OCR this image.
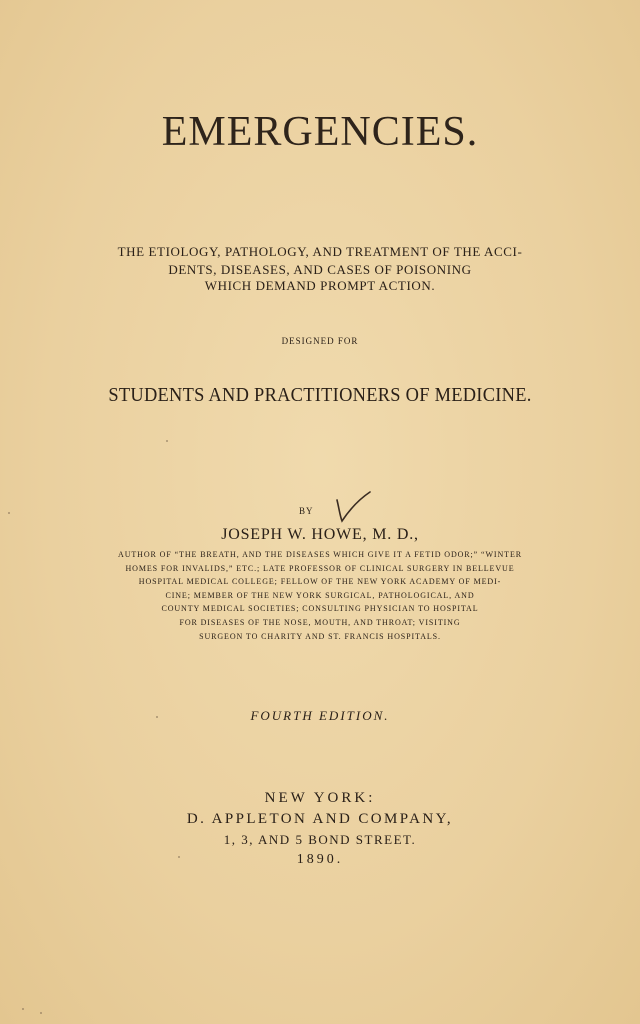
EMERGENCIES.
THE ETIOLOGY, PATHOLOGY, AND TREATMENT OF THE ACCI-
DENTS, DISEASES, AND CASES OF POISONING
WHICH DEMAND PROMPT ACTION.
DESIGNED FOR
STUDENTS AND PRACTITIONERS OF MEDICINE.
BY
JOSEPH W. HOWE, M. D.,
AUTHOR OF “THE BREATH, AND THE DISEASES WHICH GIVE IT A FETID ODOR;” “WINTER
HOMES FOR INVALIDS,” ETC.; LATE PROFESSOR OF CLINICAL SURGERY IN BELLEVUE
HOSPITAL MEDICAL COLLEGE; FELLOW OF THE NEW YORK ACADEMY OF MEDI-
CINE; MEMBER OF THE NEW YORK SURGICAL, PATHOLOGICAL, AND
COUNTY MEDICAL SOCIETIES; CONSULTING PHYSICIAN TO HOSPITAL
FOR DISEASES OF THE NOSE, MOUTH, AND THROAT; VISITING
SURGEON TO CHARITY AND ST. FRANCIS HOSPITALS.
FOURTH EDITION.
NEW YORK:
D. APPLETON AND COMPANY,
1, 3, AND 5 BOND STREET.
1890.
